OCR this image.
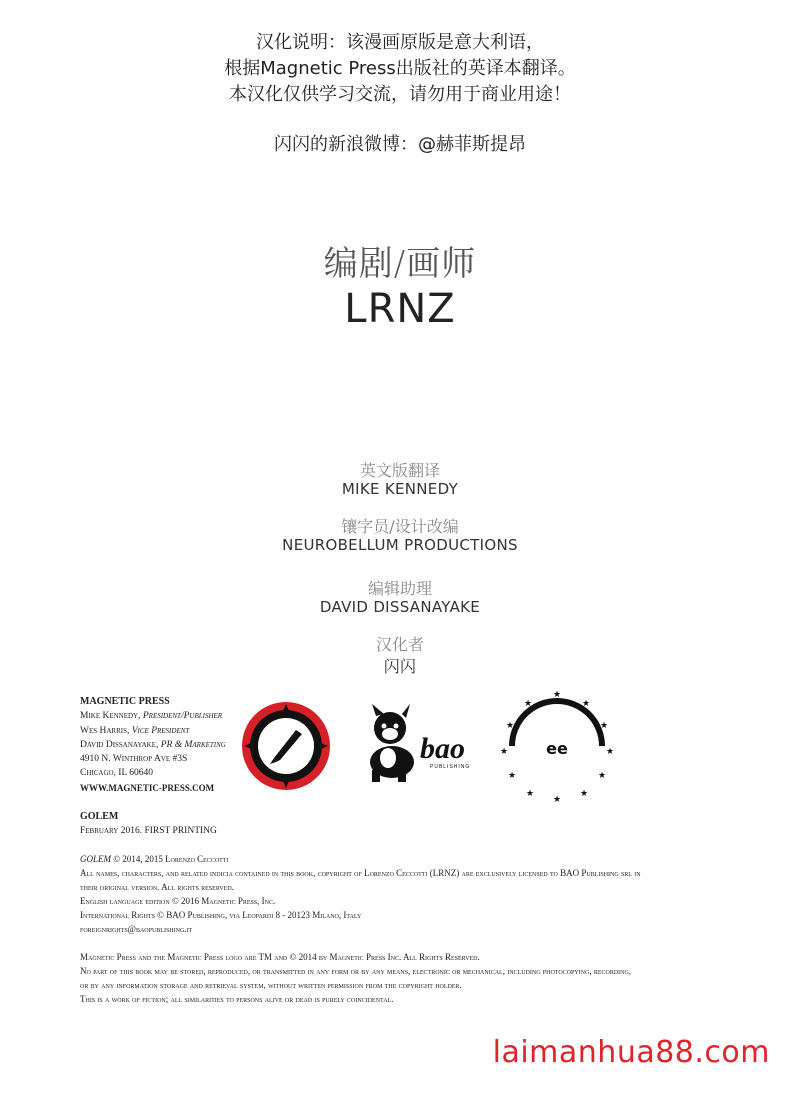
汉化说明：该漫画原版是意大利语，
根据Magnetic Press出版社的英译本翻译。
本汉化仅供学习交流，请勿用于商业用途！
闪闪的新浪微博：@赫菲斯提昂
编剧/画师
LRNZ
英文版翻译
MIKE KENNEDY
镶字员/设计改编
NEUROBELLUM PRODUCTIONS
编辑助理
DAVID DISSANAYAKE
汉化者
闪闪
MAGNETIC PRESS
Mike Kennedy, President/Publisher
Wes Harris, Vice President
David Dissanayake, PR & Marketing
4910 N. Winthrop Ave #3S
Chicago, IL 60640
WWW.MAGNETIC-PRESS.COM
bao
PUBLISHING
ee
★
★	★
★	★
★	★
★	★
★	★
★
GOLEM
February 2016. FIRST PRINTING
GOLEM © 2014, 2015 Lorenzo Ceccotti
All names, characters, and related indicia contained in this book, copyright of Lorenzo Ceccotti (LRNZ) are exclusively licensed to BAO Publishing srl in
their original version. All rights reserved.
English language edition © 2016 Magnetic Press, Inc.
International Rights © BAO Publishing, via Leopardi 8 - 20123 Milano, Italy
foreignrights@baopublishing.it
Magnetic Press and the Magnetic Press logo are TM and © 2014 by Magnetic Press Inc. All Rights Reserved.
No part of this book may be stored, reproduced, or transmitted in any form or by any means, electronic or mechanical, including photocopying, recording,
or by any information storage and retrieval system, without written permission from the copyright holder.
This is a work of fiction; all similarities to persons alive or dead is purely coincidental.
laimanhua88.com
